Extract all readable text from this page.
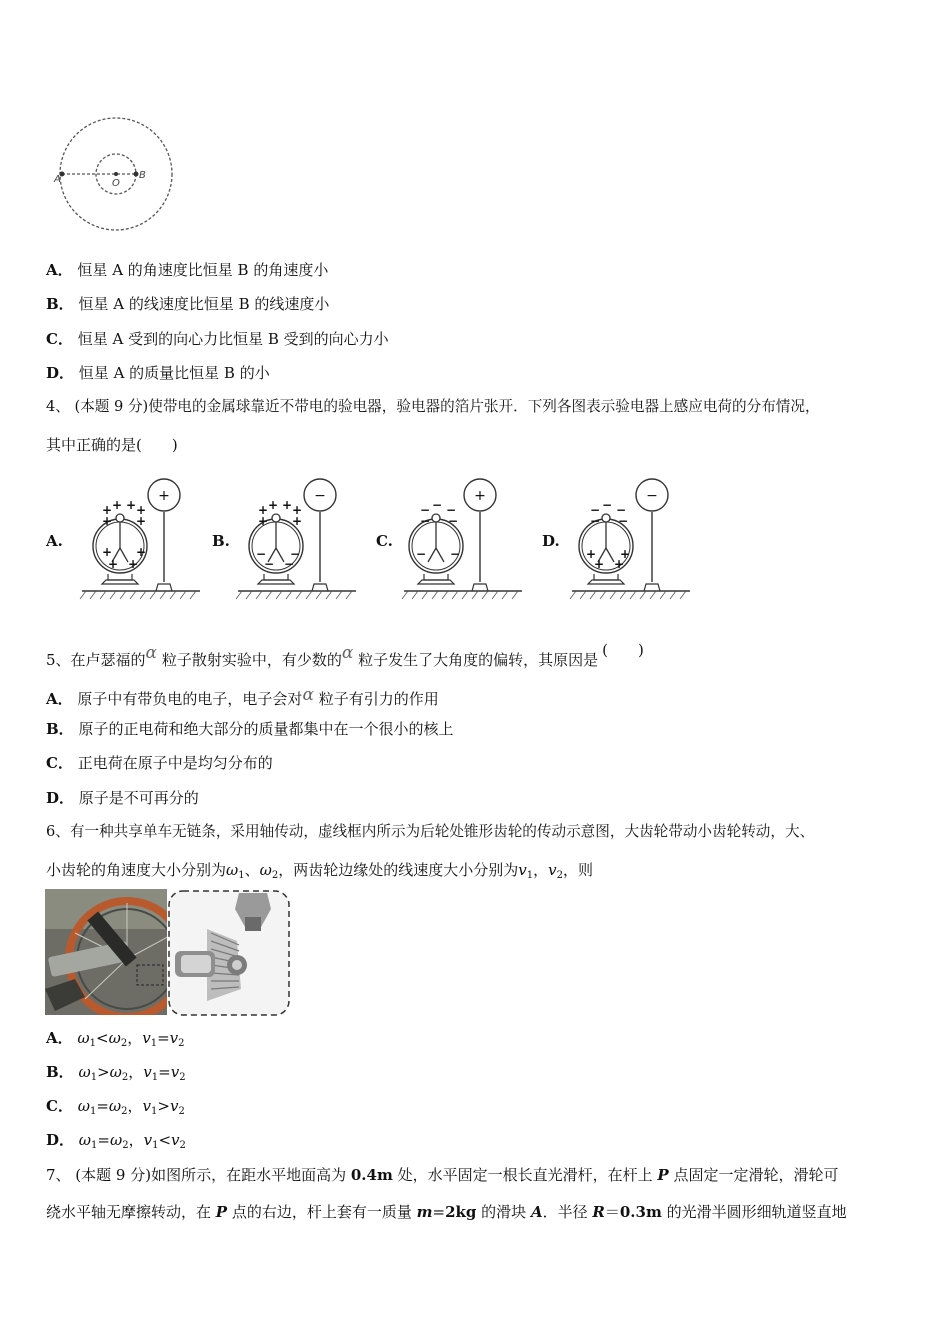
A	O
B
A． 恒星 A 的角速度比恒星 B 的角速度小
B． 恒星 A 的线速度比恒星 B 的线速度小
C． 恒星 A 受到的向心力比恒星 B 受到的向心力小
D． 恒星 A 的质量比恒星 B 的小
4、 (本题 9 分)使带电的金属球靠近不带电的验电器，验电器的箔片张开．下列各图表示验电器上感应电荷的分布情况，
其中正确的是(　　)
A.
+ + + +
+ +
+ +
+ +
+
B.
+ + + +
+ +
− −
− −
−
C.
− − −
− −
− −
+
D.
− − −
− −
+ +
+ +
−
5、在卢瑟福的α 粒子散射实验中，有少数的α 粒子发生了大角度的偏转，其原因是(　　)
A． 原子中有带负电的电子，电子会对α 粒子有引力的作用
B． 原子的正电荷和绝大部分的质量都集中在一个很小的核上
C． 正电荷在原子中是均匀分布的
D． 原子是不可再分的
6、有一种共享单车无链条，采用轴传动，虚线框内所示为后轮处锥形齿轮的传动示意图，大齿轮带动小齿轮转动，大、
小齿轮的角速度大小分别为$\omega_1$、$\omega_2$，两齿轮边缘处的线速度大小分别为$v_1$，$v_2$，则
A． $\omega_1<\omega_2$，$v_1=v_2$
B． $\omega_1>\omega_2$，$v_1=v_2$
C． $\omega_1=\omega_2$，$v_1>v_2$
D． $\omega_1=\omega_2$，$v_1<v_2$
7、 (本题 9 分)如图所示，在距水平地面高为 0.4m 处，水平固定一根长直光滑杆，在杆上 P 点固定一定滑轮，滑轮可
绕水平轴无摩擦转动，在 P 点的右边，杆上套有一质量 m=2kg 的滑块 A．半径 R＝0.3m 的光滑半圆形细轨道竖直地
